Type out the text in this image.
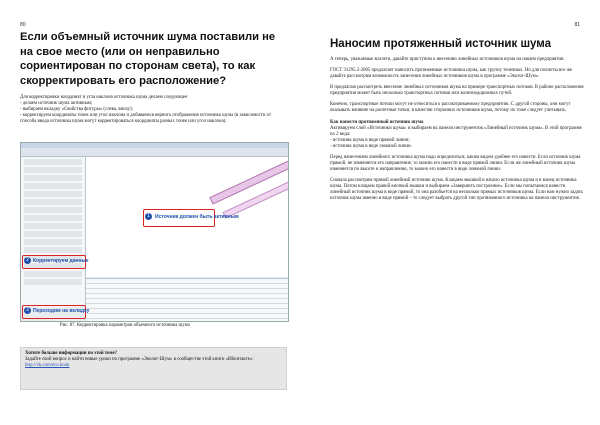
80
Если объемный источник шума поставили не на свое место (или он неправильно сориентирован по сторонам света), то как скорректировать его расположение?

Для корректировки координат и угла наклона источника шума делаем следующее:

- делаем источник шума активным;

- выбираем вкладку «Свойства фигуры» (слева, внизу);

- корректируем координаты точек или угол наклона и добиваемся верного отображения источника шума (в зависимости от способа ввода источника шума могут корректироваться координаты разных точек или угол наклона).

Источник должен быть активным
1
Корректируем данные
2
Переходим на вкладку
3
Рис. 87. Корректировка параметров объемного источника шума
Хотите больше информации по этой теме?
Задайте свой вопрос и найти новые уроки по программе «Эколог-Шум» в сообществе этой книги «ВКонтакте»:
http://vk.com/eco.book
81
Наносим протяженный источник шума

А теперь, уважаемые коллеги, давайте приступим к внесению линейных источников шума на нашем предприятии.

ГОСТ 31295.2-2005 предлагает наносить протяженные источники шума, как группу точечных. Но для полноты все же давайте рассмотрим возможность занесения линейных источников шума в программе «Эколог-Шум».

В предлагаю рассмотреть внесение линейных источников шума на примере транспортных потоков. В районе расположения предприятия может быть несколько транспортных потоков или железнодорожных путей.

Конечно, транспортные потоки могут не относиться к рассматриваемому предприятию. С другой стороны, они могут оказывать влияние на расчетные точки, в качестве сторонних источников шума, потому их тоже следует учитывать.

Как нанести протяженный источник шума

Активируем слой «Источники шума» и выбираем на панели инструментов «Линейный источник шума». В этой программе их 2 вида:

- источник шума в виде прямой линии;

- источник шума в виде ломаной линии.

Перед нанесением линейного источника шума надо определиться, каким видом удобнее его нанести. Если источник шума прямой, не изменяется его направление, то можно его нанести в виде прямой линии. Если же линейный источник шума изменяется по высоте и направлению, то можно его нанести в виде ломаной линии.

Сначала рассмотрим прямой линейный источник шума. Клацаем мышкой в начало источника шума и в конец источника шума. Потом клацаем правой кнопкой мышки и выбираем «Завершить построение». Если мы попытаемся нанести линейный источник шума в виде прямой, то она разобьется на несколько прямых источников шума. Если нам нужно задать источник шума именно в виде прямой – то следует выбрать другой тип протяженного источника на панели инструментов.
